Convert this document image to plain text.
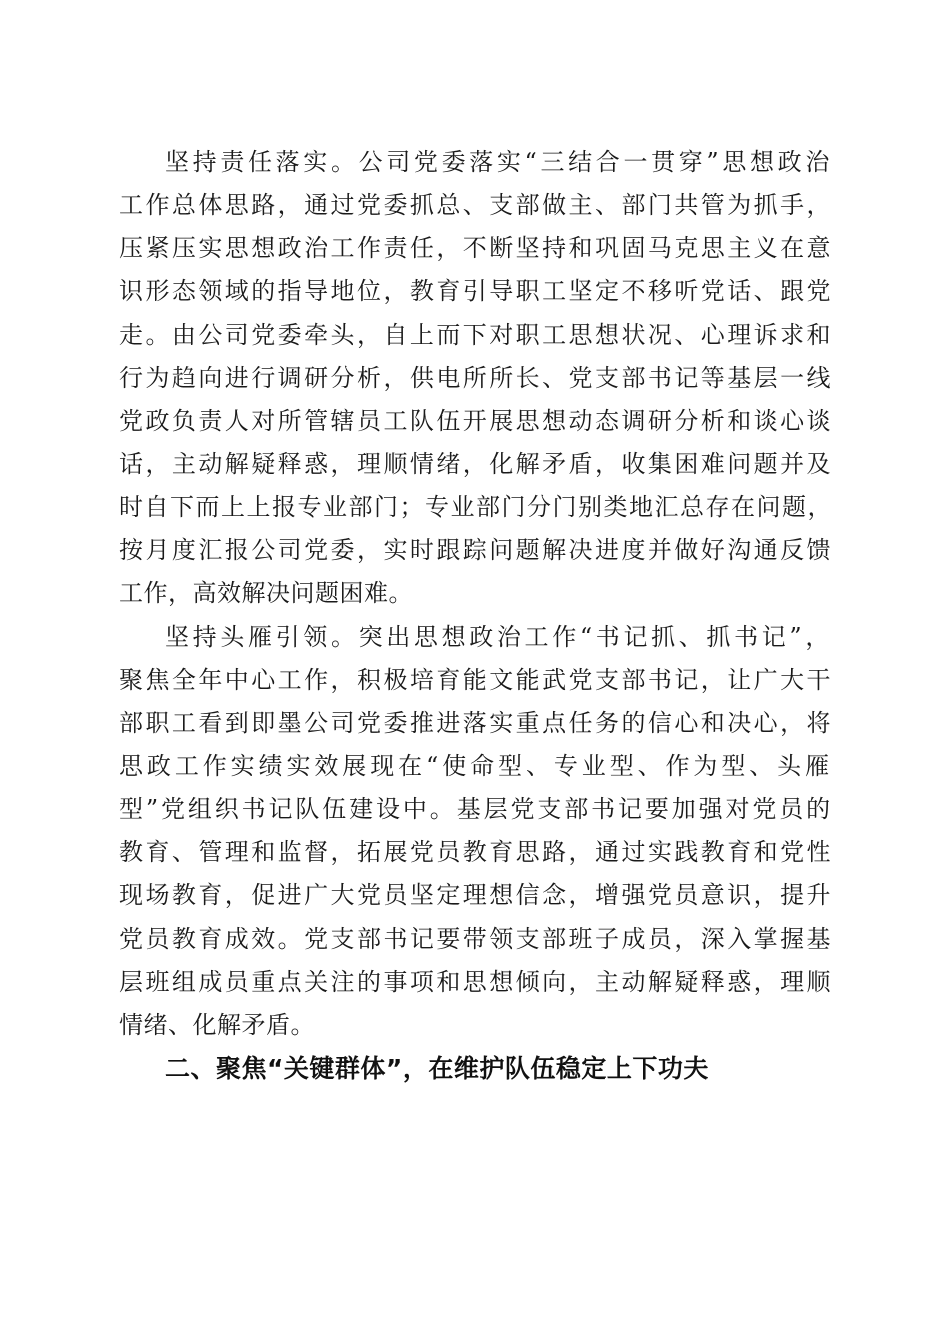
坚持责任落实。公司党委落实“三结合一贯穿”思想政治
工作总体思路，通过党委抓总、支部做主、部门共管为抓手，
压紧压实思想政治工作责任，不断坚持和巩固马克思主义在意
识形态领域的指导地位，教育引导职工坚定不移听党话、跟党
走。由公司党委牵头，自上而下对职工思想状况、心理诉求和
行为趋向进行调研分析，供电所所长、党支部书记等基层一线
党政负责人对所管辖员工队伍开展思想动态调研分析和谈心谈
话，主动解疑释惑，理顺情绪，化解矛盾，收集困难问题并及
时自下而上上报专业部门；专业部门分门别类地汇总存在问题，
按月度汇报公司党委，实时跟踪问题解决进度并做好沟通反馈
工作，高效解决问题困难。
坚持头雁引领。突出思想政治工作“书记抓、抓书记”，
聚焦全年中心工作，积极培育能文能武党支部书记，让广大干
部职工看到即墨公司党委推进落实重点任务的信心和决心，将
思政工作实绩实效展现在“使命型、专业型、作为型、头雁
型”党组织书记队伍建设中。基层党支部书记要加强对党员的
教育、管理和监督，拓展党员教育思路，通过实践教育和党性
现场教育，促进广大党员坚定理想信念，增强党员意识，提升
党员教育成效。党支部书记要带领支部班子成员，深入掌握基
层班组成员重点关注的事项和思想倾向，主动解疑释惑，理顺
情绪、化解矛盾。
二、聚焦“关键群体”，在维护队伍稳定上下功夫
